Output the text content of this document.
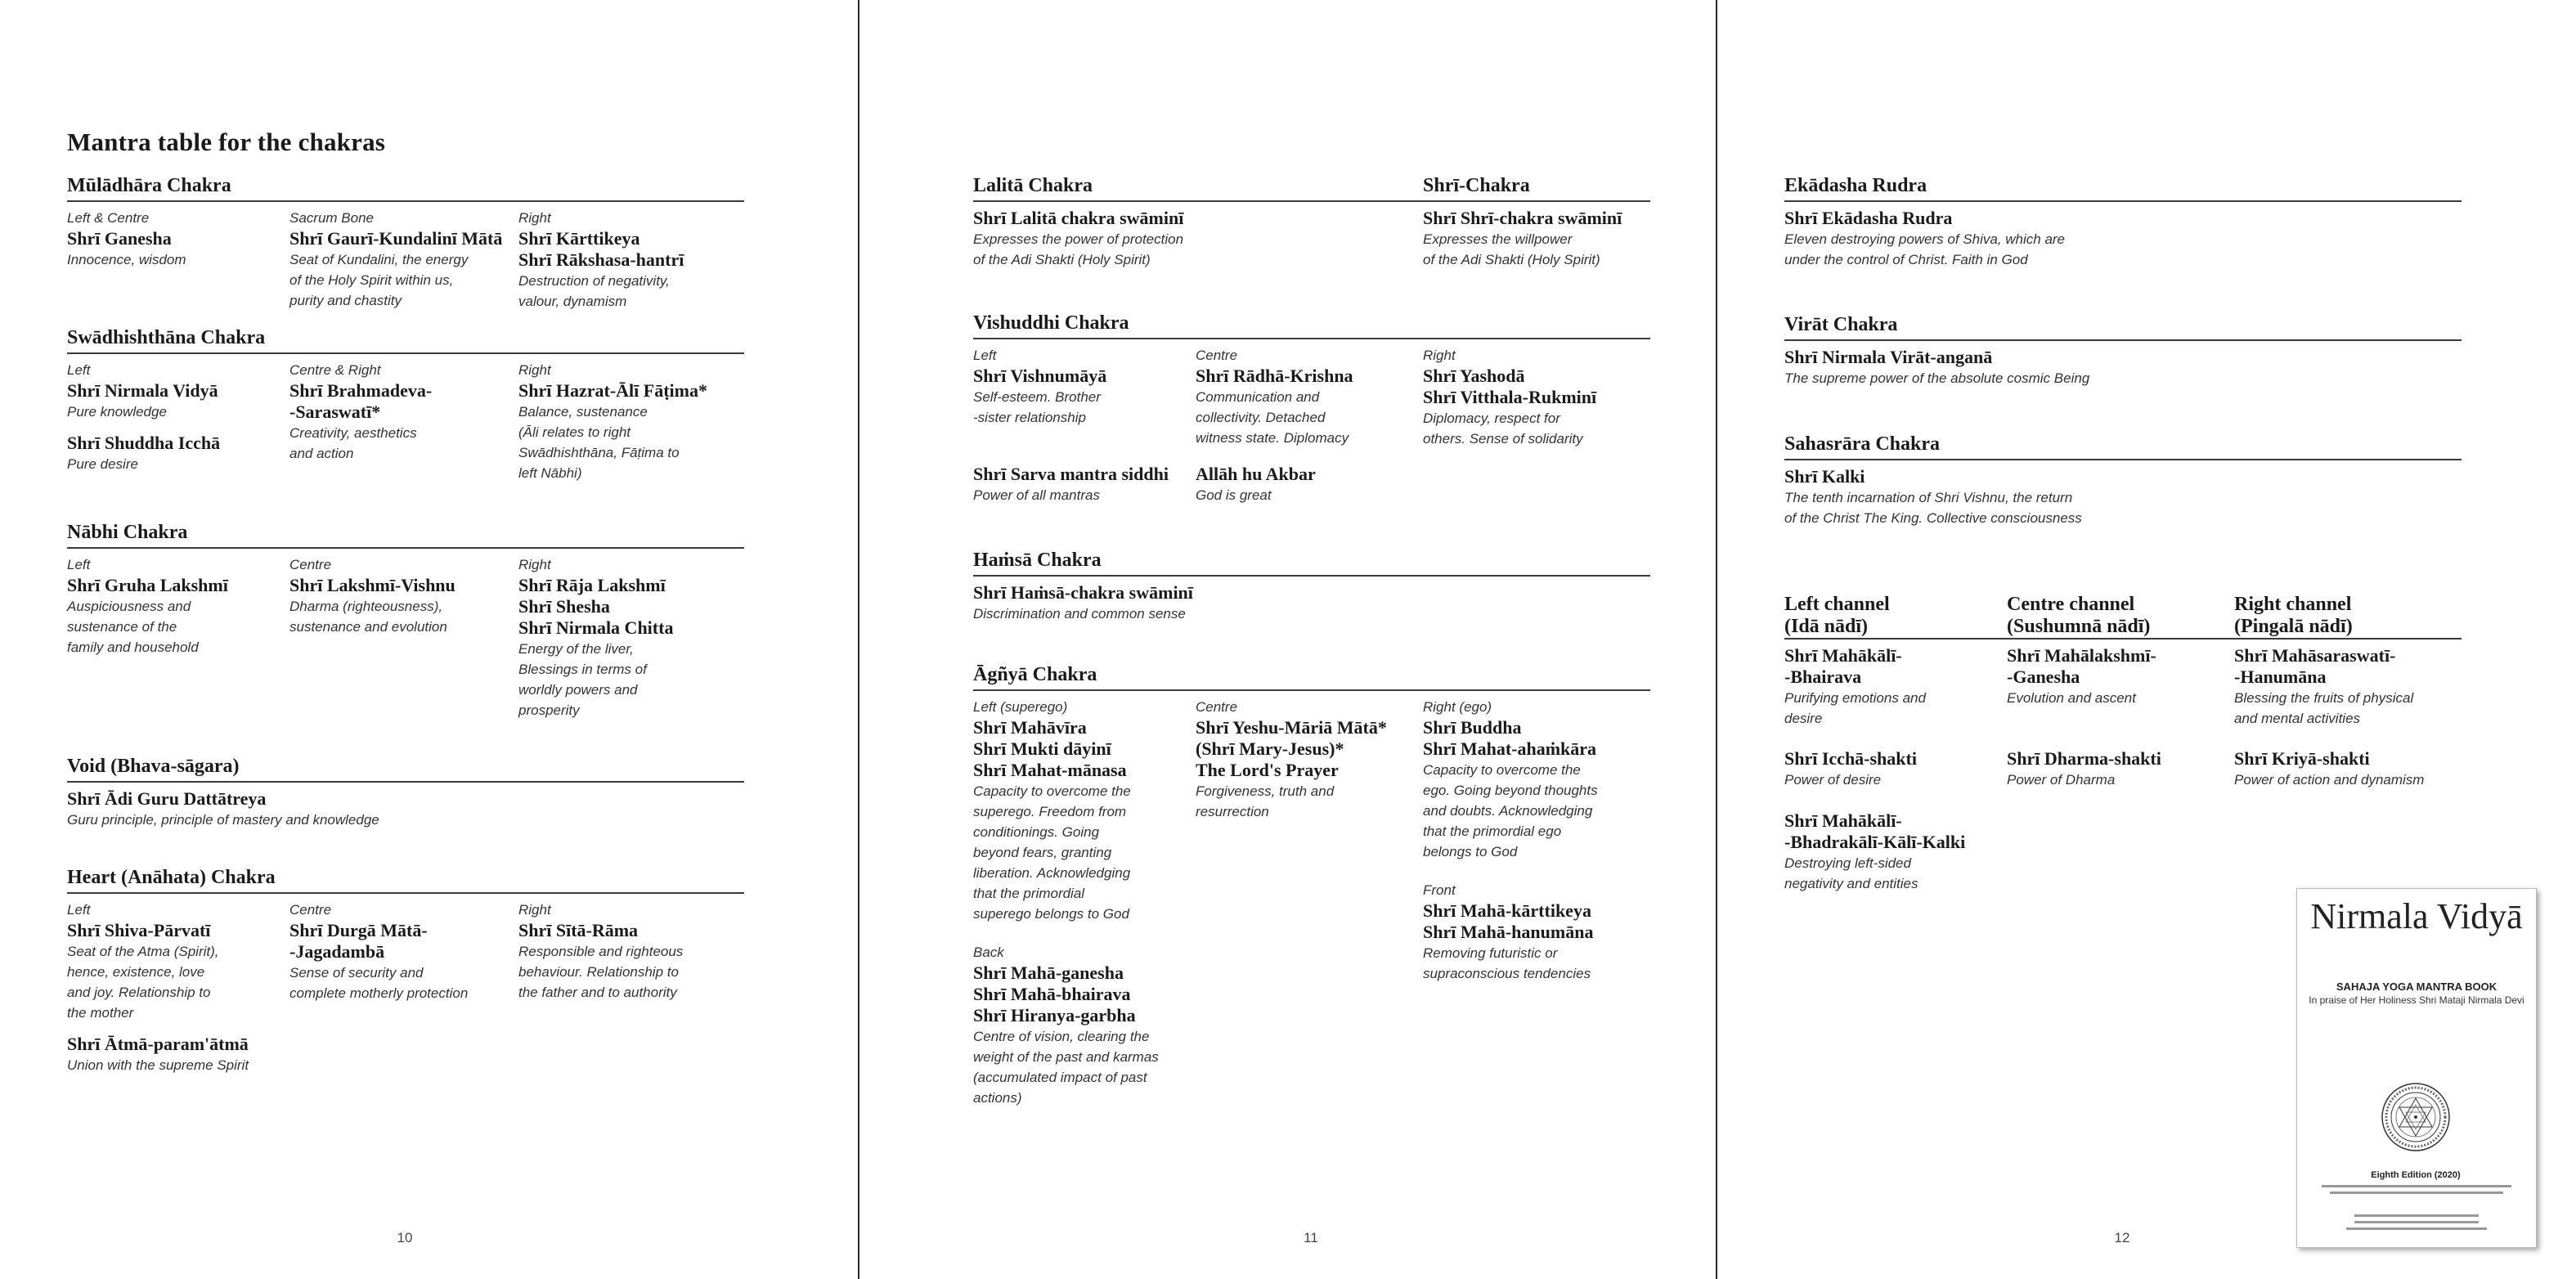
Mantra table for the chakras
Mūlādhāra Chakra
Left & Centre
Shrī Ganesha
Innocence, wisdom
Sacrum Bone
Shrī Gaurī-Kundalinī Mātā
Seat of Kundalini, the energy
of the Holy Spirit within us,
purity and chastity
Right
Shrī Kārttikeya
Shrī Rākshasa-hantrī
Destruction of negativity,
valour, dynamism
Swādhishthāna Chakra
Left
Shrī Nirmala Vidyā
Pure knowledge
Centre & Right
Shrī Brahmadeva-
-Saraswatī*
Creativity, aesthetics
and action
Right
Shrī Hazrat-Ālī Fāṭima*
Balance, sustenance
(Āli relates to right
Swādhishthāna, Fāṭima to
left Nābhi)
Shrī Shuddha Icchā
Pure desire
Nābhi Chakra
Left
Shrī Gruha Lakshmī
Auspiciousness and
sustenance of the
family and household
Centre
Shrī Lakshmī-Vishnu
Dharma (righteousness),
sustenance and evolution
Right
Shrī Rāja Lakshmī
Shrī Shesha
Shrī Nirmala Chitta
Energy of the liver,
Blessings in terms of
worldly powers and
prosperity
Void (Bhava-sāgara)
Shrī Ādi Guru Dattātreya
Guru principle, principle of mastery and knowledge
Heart (Anāhata) Chakra
Left
Shrī Shiva-Pārvatī
Seat of the Atma (Spirit),
hence, existence, love
and joy. Relationship to
the mother
Centre
Shrī Durgā Mātā-
-Jagadambā
Sense of security and
complete motherly protection
Right
Shrī Sītā-Rāma
Responsible and righteous
behaviour. Relationship to
the father and to authority
Shrī Ātmā-param'ātmā
Union with the supreme Spirit
10
Lalitā Chakra
Shrī Lalitā chakra swāminī
Expresses the power of protection
of the Adi Shakti (Holy Spirit)
Shrī-Chakra
Shrī Shrī-chakra swāminī
Expresses the willpower
of the Adi Shakti (Holy Spirit)
Vishuddhi Chakra
Left
Shrī Vishnumāyā
Self-esteem. Brother
-sister relationship
Centre
Shrī Rādhā-Krishna
Communication and
collectivity. Detached
witness state. Diplomacy
Right
Shrī Yashodā
Shrī Vitthala-Rukminī
Diplomacy, respect for
others. Sense of solidarity
Shrī Sarva mantra siddhi
Power of all mantras
Allāh hu Akbar
God is great
Haṁsā Chakra
Shrī Haṁsā-chakra swāminī
Discrimination and common sense
Āgñyā Chakra
Left (superego)
Shrī Mahāvīra
Shrī Mukti dāyinī
Shrī Mahat-mānasa
Capacity to overcome the
superego. Freedom from
conditionings. Going
beyond fears, granting
liberation. Acknowledging
that the primordial
superego belongs to God
Centre
Shrī Yeshu-Māriā Mātā*
(Shrī Mary-Jesus)*
The Lord's Prayer
Forgiveness, truth and
resurrection
Right (ego)
Shrī Buddha
Shrī Mahat-ahaṁkāra
Capacity to overcome the
ego. Going beyond thoughts
and doubts. Acknowledging
that the primordial ego
belongs to God
Back
Shrī Mahā-ganesha
Shrī Mahā-bhairava
Shrī Hiranya-garbha
Centre of vision, clearing the
weight of the past and karmas
(accumulated impact of past
actions)
Front
Shrī Mahā-kārttikeya
Shrī Mahā-hanumāna
Removing futuristic or
supraconscious tendencies
11
Ekādasha Rudra
Shrī Ekādasha Rudra
Eleven destroying powers of Shiva, which are
under the control of Christ. Faith in God
Virāt Chakra
Shrī Nirmala Virāt-anganā
The supreme power of the absolute cosmic Being
Sahasrāra Chakra
Shrī Kalki
The tenth incarnation of Shri Vishnu, the return
of the Christ The King. Collective consciousness
Left channel
(Idā nādī)
Centre channel
(Sushumnā nādī)
Right channel
(Pingalā nādī)
Shrī Mahākālī-
-Bhairava
Purifying emotions and
desire
Shrī Mahālakshmī-
-Ganesha
Evolution and ascent
Shrī Mahāsaraswatī-
-Hanumāna
Blessing the fruits of physical
and mental activities
Shrī Icchā-shakti
Power of desire
Shrī Dharma-shakti
Power of Dharma
Shrī Kriyā-shakti
Power of action and dynamism
Shrī Mahākālī-
-Bhadrakālī-Kālī-Kalki
Destroying left-sided
negativity and entities
12
Nirmala Vidyā
SAHAJA YOGA MANTRA BOOK
In praise of Her Holiness Shri Mataji Nirmala Devi
Eighth Edition (2020)
